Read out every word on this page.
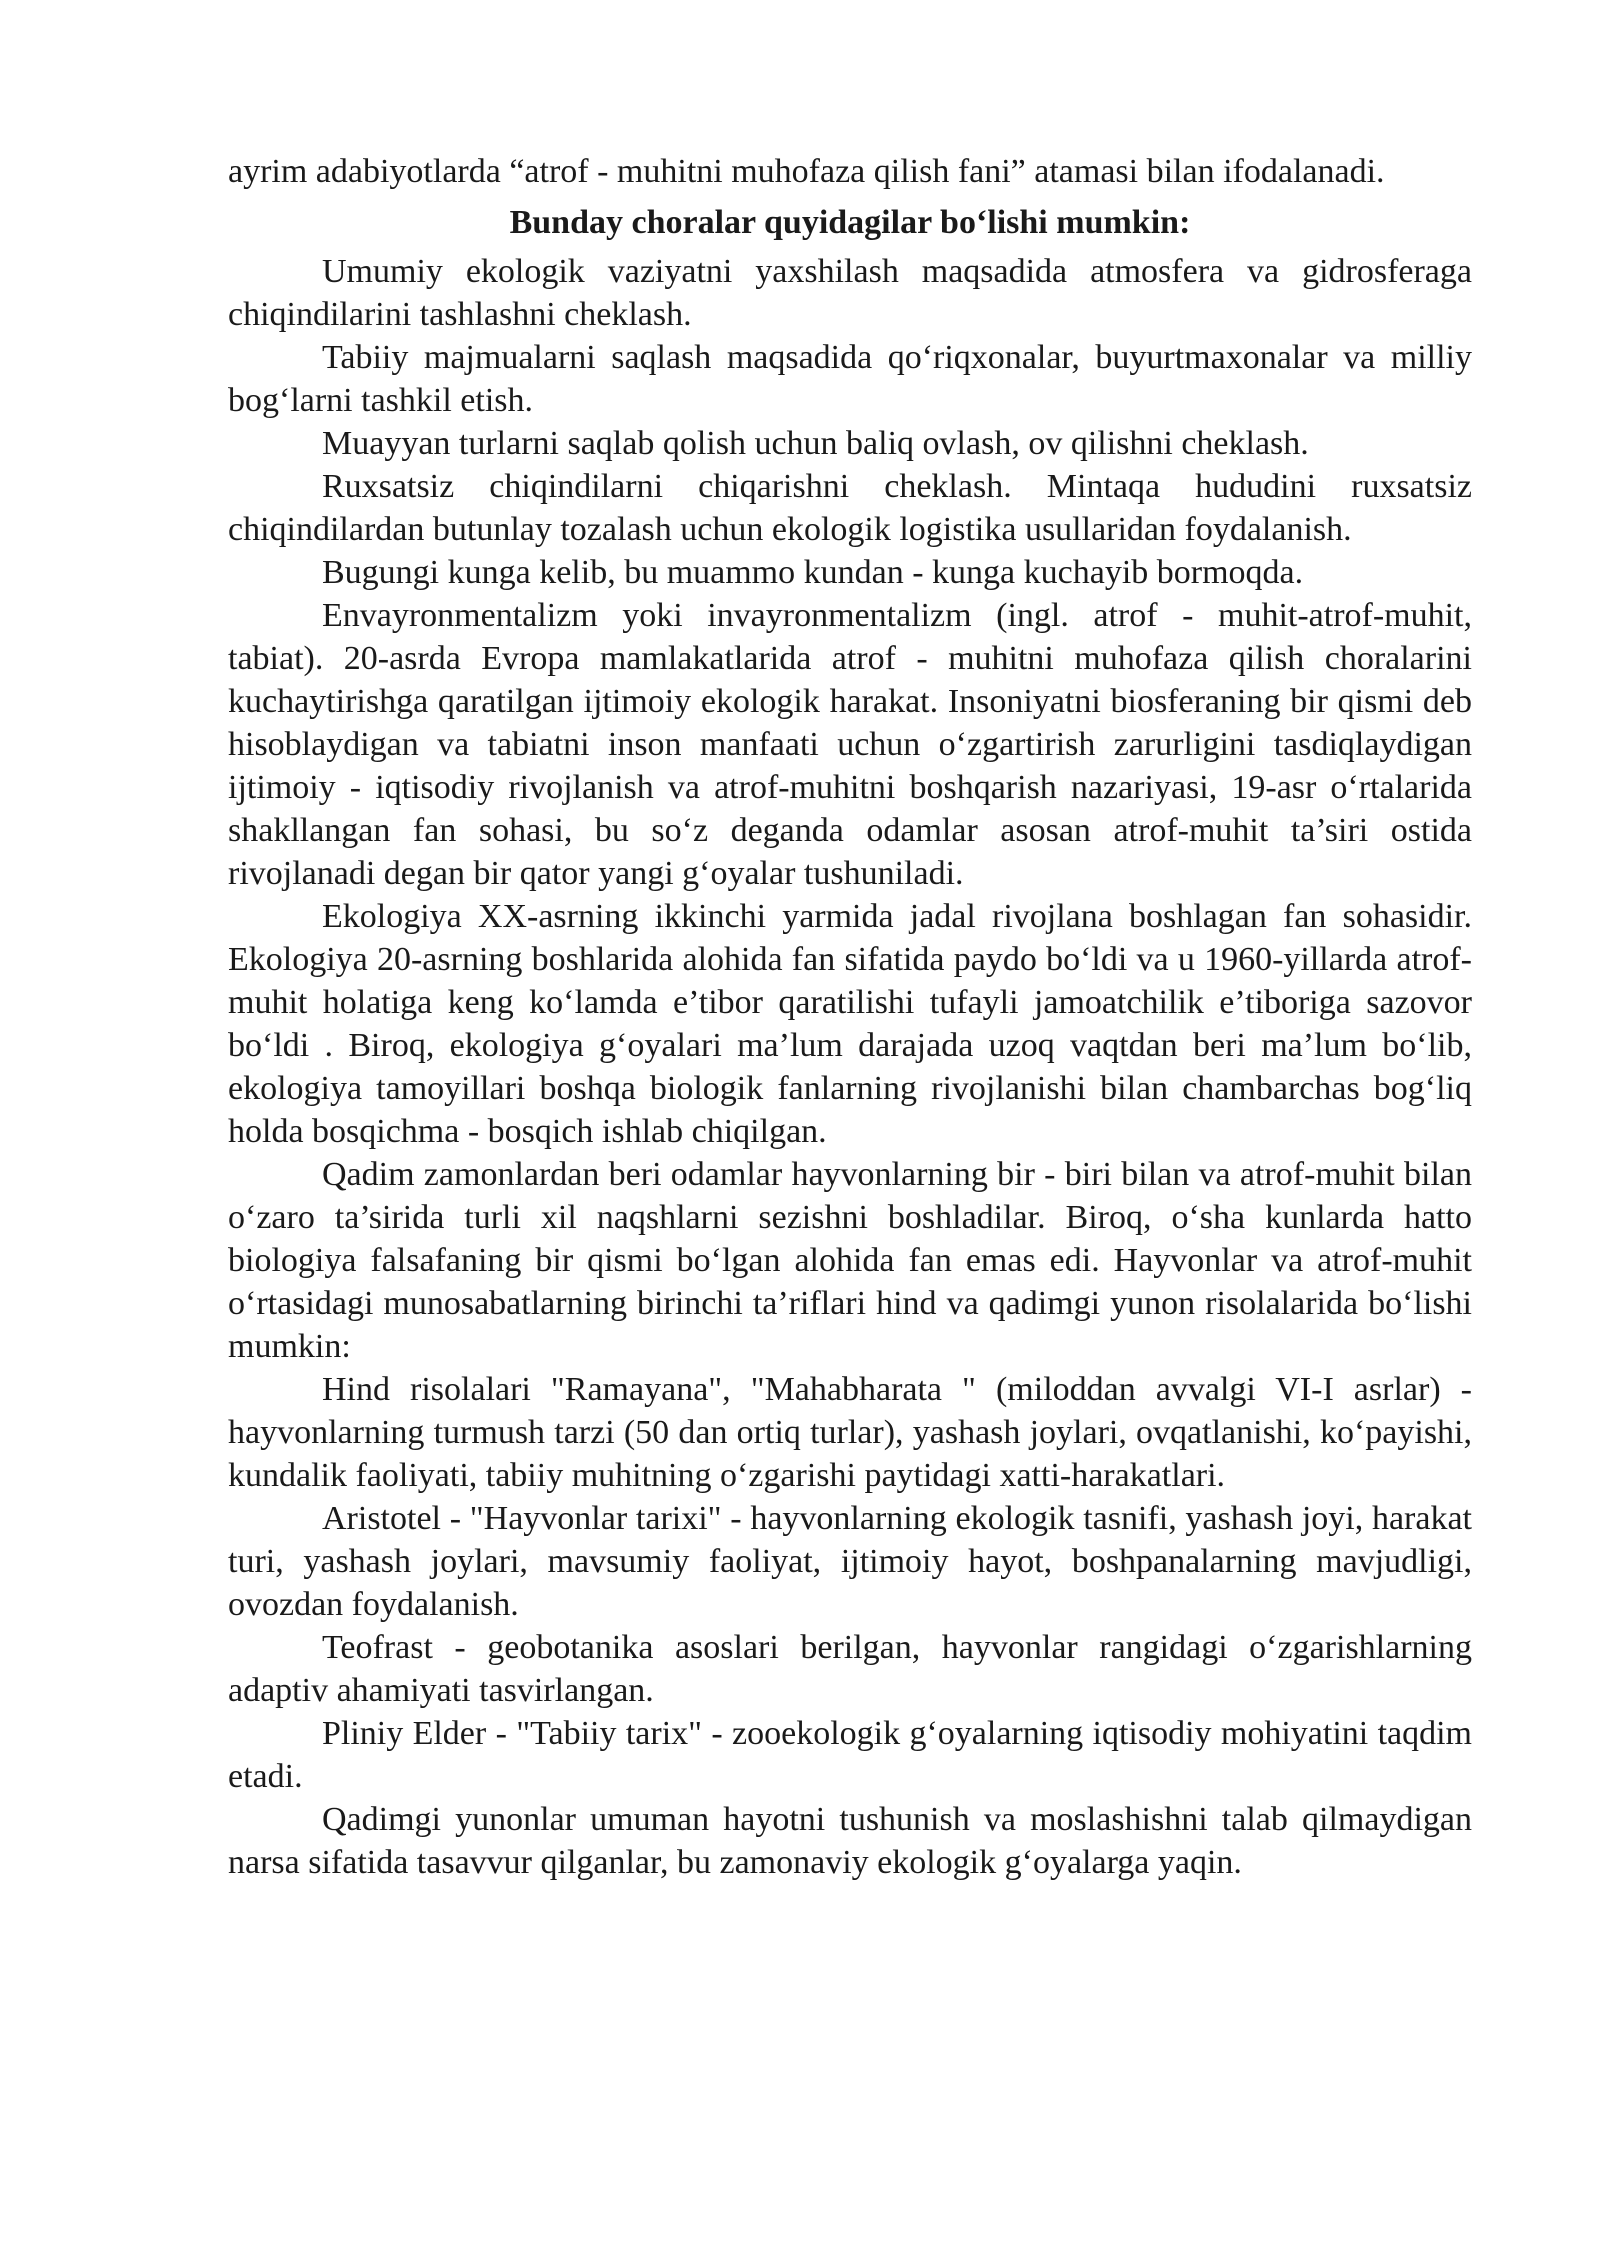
ayrim adabiyotlarda “atrof - muhitni muhofaza qilish fani” atamasi bilan ifodalanadi.

Bunday choralar quyidagilar bo‘lishi mumkin:

Umumiy ekologik vaziyatni yaxshilash maqsadida atmosfera va gidrosferaga chiqindilarini tashlashni cheklash.

Tabiiy majmualarni saqlash maqsadida qo‘riqxonalar, buyurtmaxonalar va milliy bog‘larni tashkil etish.

Muayyan turlarni saqlab qolish uchun baliq ovlash, ov qilishni cheklash.

Ruxsatsiz chiqindilarni chiqarishni cheklash. Mintaqa hududini ruxsatsiz chiqindilardan butunlay tozalash uchun ekologik logistika usullaridan foydalanish.

Bugungi kunga kelib, bu muammo kundan - kunga kuchayib bormoqda.

Envayronmentalizm yoki invayronmentalizm (ingl. atrof - muhit-atrof-muhit, tabiat). 20-asrda Evropa mamlakatlarida atrof - muhitni muhofaza qilish choralarini kuchaytirishga qaratilgan ijtimoiy ekologik harakat. Insoniyatni biosferaning bir qismi deb hisoblaydigan va tabiatni inson manfaati uchun o‘zgartirish zarurligini tasdiqlaydigan ijtimoiy - iqtisodiy rivojlanish va atrof-muhitni boshqarish nazariyasi, 19-asr o‘rtalarida shakllangan fan sohasi, bu so‘z deganda odamlar asosan atrof-muhit ta’siri ostida rivojlanadi degan bir qator yangi g‘oyalar tushuniladi.

Ekologiya XX-asrning ikkinchi yarmida jadal rivojlana boshlagan fan sohasidir. Ekologiya 20-asrning boshlarida alohida fan sifatida paydo bo‘ldi va u 1960-yillarda atrof-muhit holatiga keng ko‘lamda e’tibor qaratilishi tufayli jamoatchilik e’tiboriga sazovor bo‘ldi . Biroq, ekologiya g‘oyalari ma’lum darajada uzoq vaqtdan beri ma’lum bo‘lib, ekologiya tamoyillari boshqa biologik fanlarning rivojlanishi bilan chambarchas bog‘liq holda bosqichma - bosqich ishlab chiqilgan.

Qadim zamonlardan beri odamlar hayvonlarning bir - biri bilan va atrof-muhit bilan o‘zaro ta’sirida turli xil naqshlarni sezishni boshladilar. Biroq, o‘sha kunlarda hatto biologiya falsafaning bir qismi bo‘lgan alohida fan emas edi. Hayvonlar va atrof-muhit o‘rtasidagi munosabatlarning birinchi ta’riflari hind va qadimgi yunon risolalarida bo‘lishi mumkin:

Hind risolalari "Ramayana", "Mahabharata " (miloddan avvalgi VI-I asrlar) - hayvonlarning turmush tarzi (50 dan ortiq turlar), yashash joylari, ovqatlanishi, ko‘payishi, kundalik faoliyati, tabiiy muhitning o‘zgarishi paytidagi xatti-harakatlari.

Aristotel - "Hayvonlar tarixi" - hayvonlarning ekologik tasnifi, yashash joyi, harakat turi, yashash joylari, mavsumiy faoliyat, ijtimoiy hayot, boshpanalarning mavjudligi, ovozdan foydalanish.

Teofrast - geobotanika asoslari berilgan, hayvonlar rangidagi o‘zgarishlarning adaptiv ahamiyati tasvirlangan.

Pliniy Elder - "Tabiiy tarix" - zooekologik g‘oyalarning iqtisodiy mohiyatini taqdim etadi.

Qadimgi yunonlar umuman hayotni tushunish va moslashishni talab qilmaydigan narsa sifatida tasavvur qilganlar, bu zamonaviy ekologik g‘oyalarga yaqin.
